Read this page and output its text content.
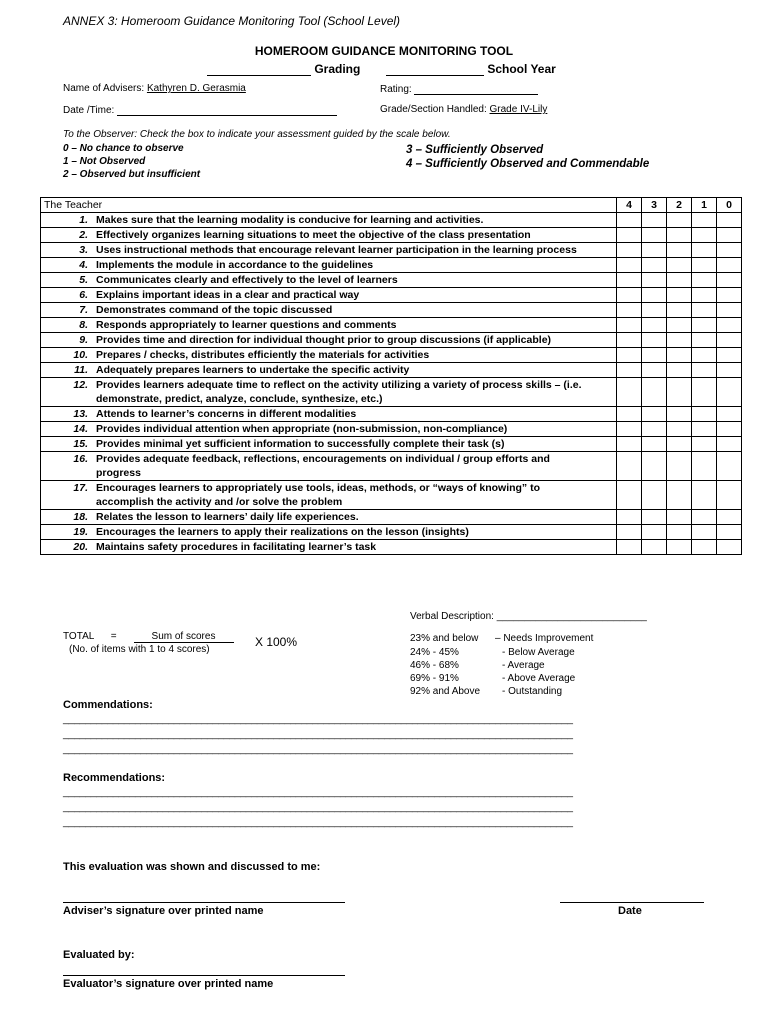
ANNEX 3: Homeroom Guidance Monitoring Tool (School Level)
HOMEROOM GUIDANCE MONITORING TOOL
Grading	School Year
Name of Advisers: Kathyren D. Gerasmia	Rating:
Date /Time:	Grade/Section Handled: Grade IV-Lily
To the Observer: Check the box to indicate your assessment guided by the scale below.
0 – No chance to observe
1 – Not Observed
2 – Observed but insufficient
3 – Sufficiently Observed
4 – Sufficiently Observed and Commendable
The Teacher	4	3	2	1	0
1. Makes sure that the learning modality is conducive for learning and activities.					
2. Effectively organizes learning situations to meet the objective of the class presentation					
3. Uses instructional methods that encourage relevant learner participation in the learning process					
4. Implements the module in accordance to the guidelines					
5. Communicates clearly and effectively to the level of learners					
6. Explains important ideas in a clear and practical way					
7. Demonstrates command of the topic discussed					
8. Responds appropriately to learner questions and comments					
9. Provides time and direction for individual thought prior to group discussions (if applicable)					
10. Prepares / checks, distributes efficiently the materials for activities					
11. Adequately prepares learners to undertake the specific activity					
12. Provides learners adequate time to reflect on the activity utilizing a variety of process skills – (i.e. demonstrate, predict, analyze, conclude, synthesize, etc.)					
13. Attends to learner’s concerns in different modalities					
14. Provides individual attention when appropriate (non-submission, non-compliance)					
15. Provides minimal yet sufficient information to successfully complete their task (s)					
16. Provides adequate feedback, reflections, encouragements on individual / group efforts and progress					
17. Encourages learners to appropriately use tools, ideas, methods, or “ways of knowing” to accomplish the activity and /or solve the problem					
18. Relates the lesson to learners’ daily life experiences.					
19. Encourages the learners to apply their realizations on the lesson (insights)					
20. Maintains safety procedures in facilitating learner’s task					
Verbal Description: ___________________________
TOTAL =	Sum of scores
(No. of items with 1 to 4 scores)
X 100%	23% and below – Needs Improvement
24% - 45%	- Below Average
46% - 68%	- Average
69% - 91%	- Above Average
92% and Above - Outstanding
Commendations:
____________________________________________________________________________________________
____________________________________________________________________________________________
____________________________________________________________________________________________
Recommendations:
____________________________________________________________________________________________
____________________________________________________________________________________________
____________________________________________________________________________________________
This evaluation was shown and discussed to me:
Adviser’s signature over printed name	Date
Evaluated by:
Evaluator’s signature over printed name
